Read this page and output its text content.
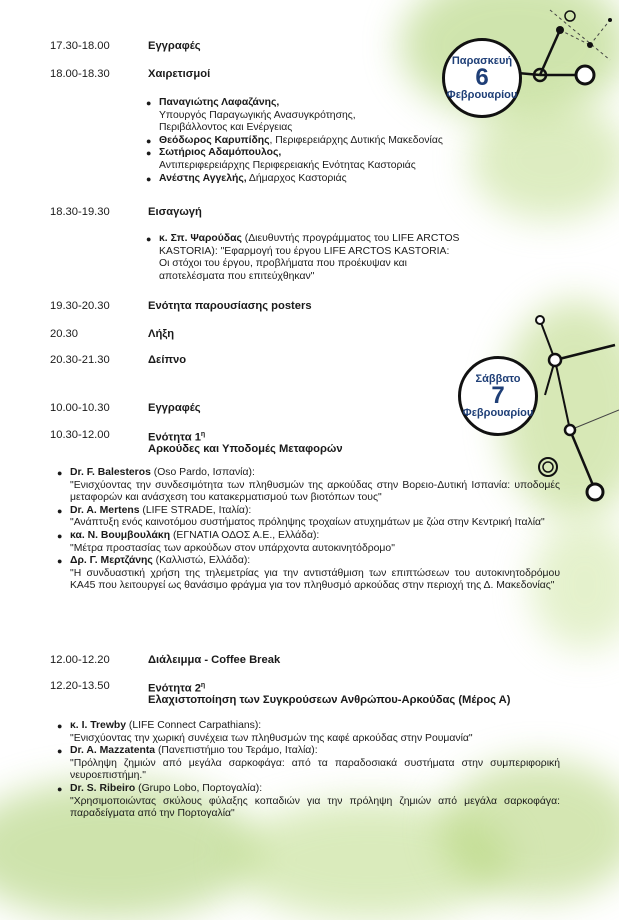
Παρασκευή
6
Φεβρουαρίου
Σάββατο
7
Φεβρουαρίου
17.30-18.00	Εγγραφές
18.00-18.30	Χαιρετισμοί
● Παναγιώτης Λαφαζάνης,
Υπουργός Παραγωγικής Ανασυγκρότησης,
Περιβάλλοντος και Ενέργειας
● Θεόδωρος Καρυπίδης, Περιφερειάρχης Δυτικής Μακεδονίας
● Σωτήριος Αδαμόπουλος,
Αντιπεριφερειάρχης Περιφερειακής Ενότητας Καστοριάς
● Ανέστης Αγγελής, Δήμαρχος Καστοριάς
18.30-19.30	Εισαγωγή
● κ. Σπ. Ψαρούδας (Διευθυντής προγράμματος του LIFE ARCTOS
KASTORIA): "Εφαρμογή του έργου LIFE ARCTOS KASTORIA:
Οι στόχοι του έργου, προβλήματα που προέκυψαν και
αποτελέσματα που επιτεύχθηκαν"
19.30-20.30	Ενότητα παρουσίασης posters
20.30	Λήξη
20.30-21.30	Δείπνο
10.00-10.30	Εγγραφές
10.30-12.00	Ενότητα $1^\eta$
Αρκούδες και Υποδομές Μεταφορών
● Dr. F. Balesteros (Oso Pardo, Ισπανία):
"Ενισχύοντας την συνδεσιμότητα των πληθυσμών της αρκούδας στην Βορειο-Δυτική Ισπανία: υποδομές μεταφορών και ανάσχεση του κατακερματισμού των βιοτόπων τους"
● Dr. A. Mertens (LIFE STRADE, Ιταλία):
"Ανάπτυξη ενός καινοτόμου συστήματος πρόληψης τροχαίων ατυχημάτων με ζώα στην Κεντρική Ιταλία"
● κα. Ν. Βουμβουλάκη (ΕΓΝΑΤΙΑ ΟΔΟΣ Α.Ε., Ελλάδα):
"Μέτρα προστασίας των αρκούδων στον υπάρχοντα αυτοκινητόδρομο"
● Δρ. Γ. Μερτζάνης (Καλλιστώ, Ελλάδα):
"Η συνδυαστική χρήση της τηλεμετρίας για την αντιστάθμιση των επιπτώσεων του αυτοκινητοδρόμου ΚΑ45 που λειτουργεί ως θανάσιμο φράγμα για τον πληθυσμό αρκούδας στην περιοχή της Δ. Μακεδονίας"
12.00-12.20	Διάλειμμα - Coffee Break
12.20-13.50	Ενότητα $2^\eta$
Ελαχιστοποίηση των Συγκρούσεων Ανθρώπου-Αρκούδας (Μέρος Α)
● κ. Ι. Trewby (LIFE Connect Carpathians):
"Ενισχύοντας την χωρική συνέχεια των πληθυσμών της καφέ αρκούδας στην Ρουμανία"
● Dr. A. Mazzatenta (Πανεπιστήμιο του Τεράμο, Ιταλία):
"Πρόληψη ζημιών από μεγάλα σαρκοφάγα: από τα παραδοσιακά συστήματα στην συμπεριφορική νευροεπιστήμη."
● Dr. S. Ribeiro (Grupo Lobo, Πορτογαλία):
"Χρησιμοποιώντας σκύλους φύλαξης κοπαδιών για την πρόληψη ζημιών από μεγάλα σαρκοφάγα: παραδείγματα από την Πορτογαλία"
